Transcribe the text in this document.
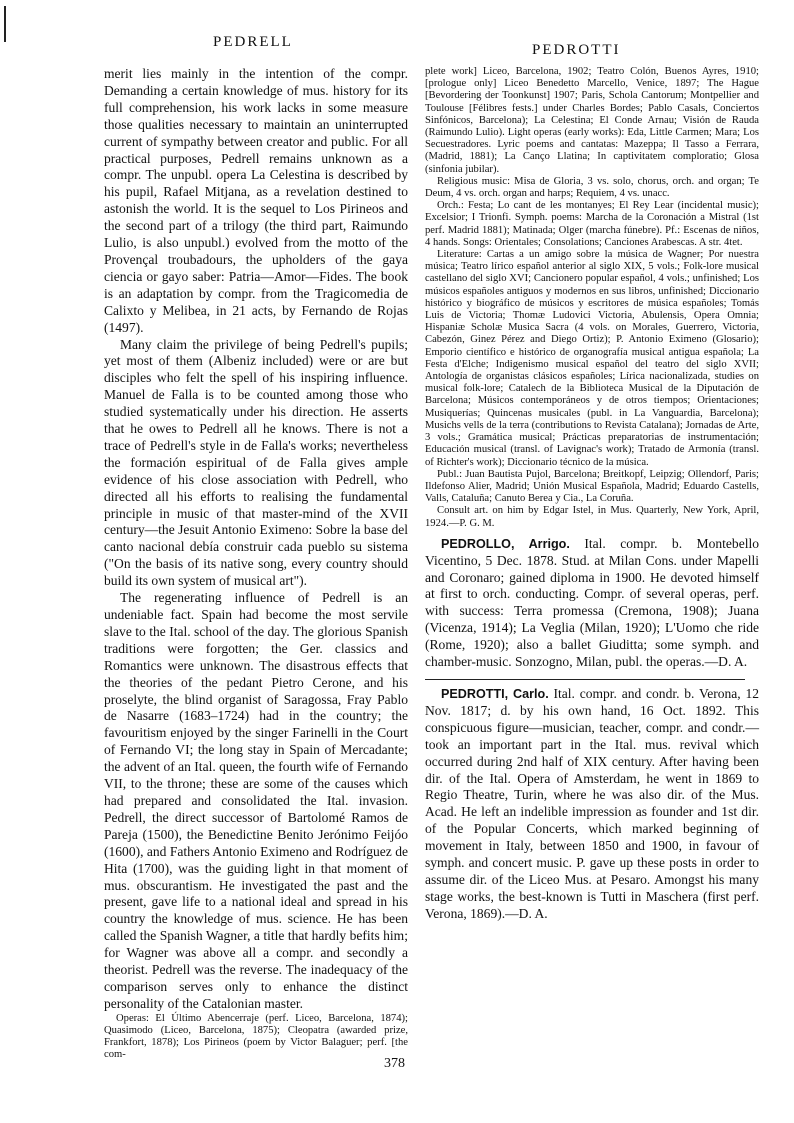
PEDRELL	PEDROTTI

merit lies mainly in the intention of the compr. Demanding a certain knowledge of mus. history for its full comprehension, his work lacks in some measure those qualities necessary to maintain an uninterrupted current of sympathy between creator and public. For all practical purposes, Pedrell remains unknown as a compr. The unpubl. opera La Celestina is described by his pupil, Rafael Mitjana, as a revelation destined to astonish the world. It is the sequel to Los Pirineos and the second part of a trilogy (the third part, Raimundo Lulio, is also unpubl.) evolved from the motto of the Provençal troubadours, the upholders of the gaya ciencia or gayo saber: Patria—Amor—Fides. The book is an adaptation by compr. from the Tragicomedia de Calixto y Melibea, in 21 acts, by Fernando de Rojas (1497).

Many claim the privilege of being Pedrell's pupils; yet most of them (Albeniz included) were or are but disciples who felt the spell of his inspiring influence. Manuel de Falla is to be counted among those who studied systematically under his direction. He asserts that he owes to Pedrell all he knows. There is not a trace of Pedrell's style in de Falla's works; nevertheless the formación espiritual of de Falla gives ample evidence of his close association with Pedrell, who directed all his efforts to realising the fundamental principle in music of that master-mind of the XVII century—the Jesuit Antonio Eximeno: Sobre la base del canto nacional debía construir cada pueblo su sistema ("On the basis of its native song, every country should build its own system of musical art").

The regenerating influence of Pedrell is an undeniable fact. Spain had become the most servile slave to the Ital. school of the day. The glorious Spanish traditions were forgotten; the Ger. classics and Romantics were unknown. The disastrous effects that the theories of the pedant Pietro Cerone, and his proselyte, the blind organist of Saragossa, Fray Pablo de Nasarre (1683–1724) had in the country; the favouritism enjoyed by the singer Farinelli in the Court of Fernando VI; the long stay in Spain of Mercadante; the advent of an Ital. queen, the fourth wife of Fernando VII, to the throne; these are some of the causes which had prepared and consolidated the Ital. invasion. Pedrell, the direct successor of Bartolomé Ramos de Pareja (1500), the Benedictine Benito Jerónimo Feijóo (1600), and Fathers Antonio Eximeno and Rodríguez de Hita (1700), was the guiding light in that moment of mus. obscurantism. He investigated the past and the present, gave life to a national ideal and spread in his country the knowledge of mus. science. He has been called the Spanish Wagner, a title that hardly befits him; for Wagner was above all a compr. and secondly a theorist. Pedrell was the reverse. The inadequacy of the comparison serves only to enhance the distinct personality of the Catalonian master.

Operas: El Último Abencerraje (perf. Liceo, Barcelona, 1874); Quasimodo (Liceo, Barcelona, 1875); Cleopatra (awarded prize, Frankfort, 1878); Los Pirineos (poem by Victor Balaguer; perf. [the com-

plete work] Liceo, Barcelona, 1902; Teatro Colón, Buenos Ayres, 1910; [prologue only] Liceo Benedetto Marcello, Venice, 1897; The Hague [Bevordering der Toonkunst] 1907; Paris, Schola Cantorum; Montpellier and Toulouse [Félibres fests.] under Charles Bordes; Pablo Casals, Conciertos Sinfónicos, Barcelona); La Celestina; El Conde Arnau; Visión de Rauda (Raimundo Lulio). Light operas (early works): Eda, Little Carmen; Mara; Los Secuestradores. Lyric poems and cantatas: Mazeppa; Il Tasso a Ferrara, (Madrid, 1881); La Canço Llatina; In captivitatem comploratio; Glosa (sinfonia jubilar).

Religious music: Misa de Gloria, 3 vs. solo, chorus, orch. and organ; Te Deum, 4 vs. orch. organ and harps; Requiem, 4 vs. unacc.

Orch.: Festa; Lo cant de les montanyes; El Rey Lear (incidental music); Excelsior; I Trionfi. Symph. poems: Marcha de la Coronación a Mistral (1st perf. Madrid 1881); Matinada; Olger (marcha fúnebre). Pf.: Escenas de niños, 4 hands. Songs: Orientales; Consolations; Canciones Arabescas. A str. 4tet.

Literature: Cartas a un amigo sobre la música de Wagner; Por nuestra música; Teatro lírico español anterior al siglo XIX, 5 vols.; Folk-lore musical castellano del siglo XVI; Cancionero popular español, 4 vols.; unfinished; Los músicos españoles antiguos y modernos en sus libros, unfinished; Diccionario histórico y biográfico de músicos y escritores de música españoles; Tomás Luis de Victoria; Thomæ Ludovici Victoria, Abulensis, Opera Omnia; Hispaniæ Scholæ Musica Sacra (4 vols. on Morales, Guerrero, Victoria, Cabezón, Ginez Pérez and Diego Ortiz); P. Antonio Eximeno (Glosario); Emporio científico e histórico de organografía musical antigua española; La Festa d'Elche; Indigenismo musical español del teatro del siglo XVII; Antología de organistas clásicos españoles; Lírica nacionalizada, studies on musical folk-lore; Catalech de la Biblioteca Musical de la Diputación de Barcelona; Músicos contemporáneos y de otros tiempos; Orientaciones; Musiquerías; Quincenas musicales (publ. in La Vanguardia, Barcelona); Musichs vells de la terra (contributions to Revista Catalana); Jornadas de Arte, 3 vols.; Gramática musical; Prácticas preparatorias de instrumentación; Educación musical (transl. of Lavignac's work); Tratado de Armonía (transl. of Richter's work); Diccionario técnico de la música.

Publ.: Juan Bautista Pujol, Barcelona; Breitkopf, Leipzig; Ollendorf, Paris; Ildefonso Alier, Madrid; Unión Musical Española, Madrid; Eduardo Castells, Valls, Cataluña; Canuto Berea y Cia., La Coruña.

Consult art. on him by Edgar Istel, in Mus. Quarterly, New York, April, 1924.—P. G. M.

PEDROLLO, Arrigo. Ital. compr. b. Montebello Vicentino, 5 Dec. 1878. Stud. at Milan Cons. under Mapelli and Coronaro; gained diploma in 1900. He devoted himself at first to orch. conducting. Compr. of several operas, perf. with success: Terra promessa (Cremona, 1908); Juana (Vicenza, 1914); La Veglia (Milan, 1920); L'Uomo che ride (Rome, 1920); also a ballet Giuditta; some symph. and chamber-music. Sonzogno, Milan, publ. the operas.—D. A.

PEDROTTI, Carlo. Ital. compr. and condr. b. Verona, 12 Nov. 1817; d. by his own hand, 16 Oct. 1892. This conspicuous figure—musician, teacher, compr. and condr.—took an important part in the Ital. mus. revival which occurred during 2nd half of XIX century. After having been dir. of the Ital. Opera of Amsterdam, he went in 1869 to Regio Theatre, Turin, where he was also dir. of the Mus. Acad. He left an indelible impression as founder and 1st dir. of the Popular Concerts, which marked beginning of movement in Italy, between 1850 and 1900, in favour of symph. and concert music. P. gave up these posts in order to assume dir. of the Liceo Mus. at Pesaro. Amongst his many stage works, the best-known is Tutti in Maschera (first perf. Verona, 1869).—D. A.

378
